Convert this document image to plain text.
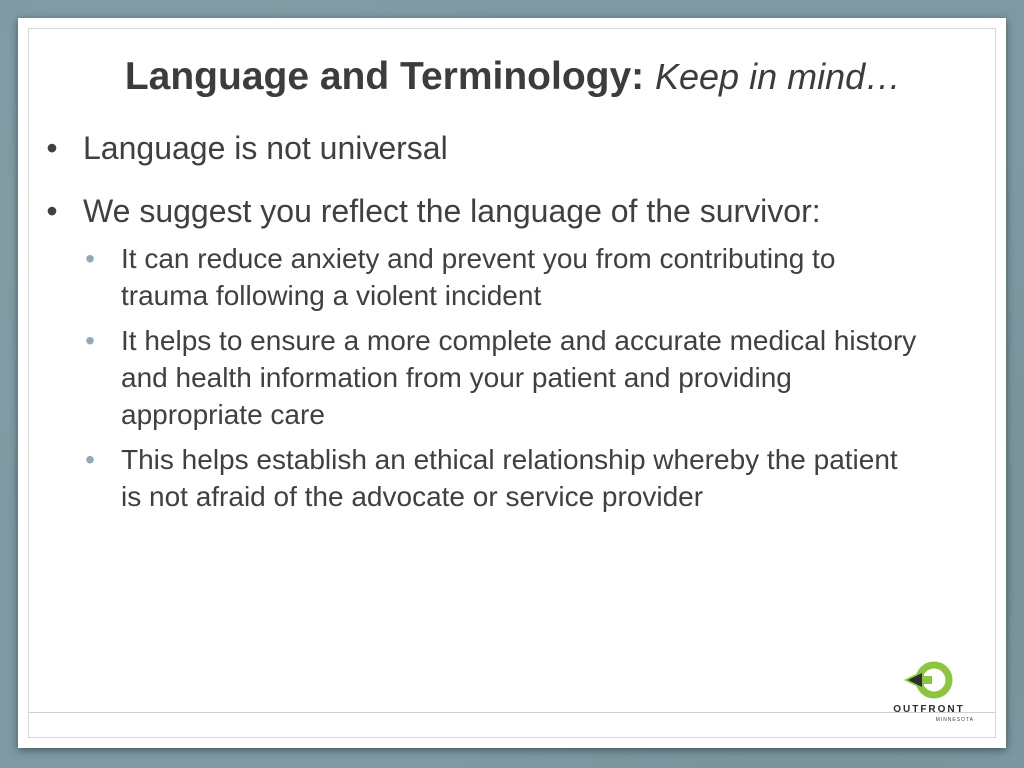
Language and Terminology: Keep in mind…
• Language is not universal
• We suggest you reflect the language of the survivor:
• It can reduce anxiety and prevent you from contributing to trauma following a violent incident
• It helps to ensure a more complete and accurate medical history and health information from your patient and providing appropriate care
• This helps establish an ethical relationship whereby the patient is not afraid of the advocate or service provider
OUTFRONT
MINNESOTA
